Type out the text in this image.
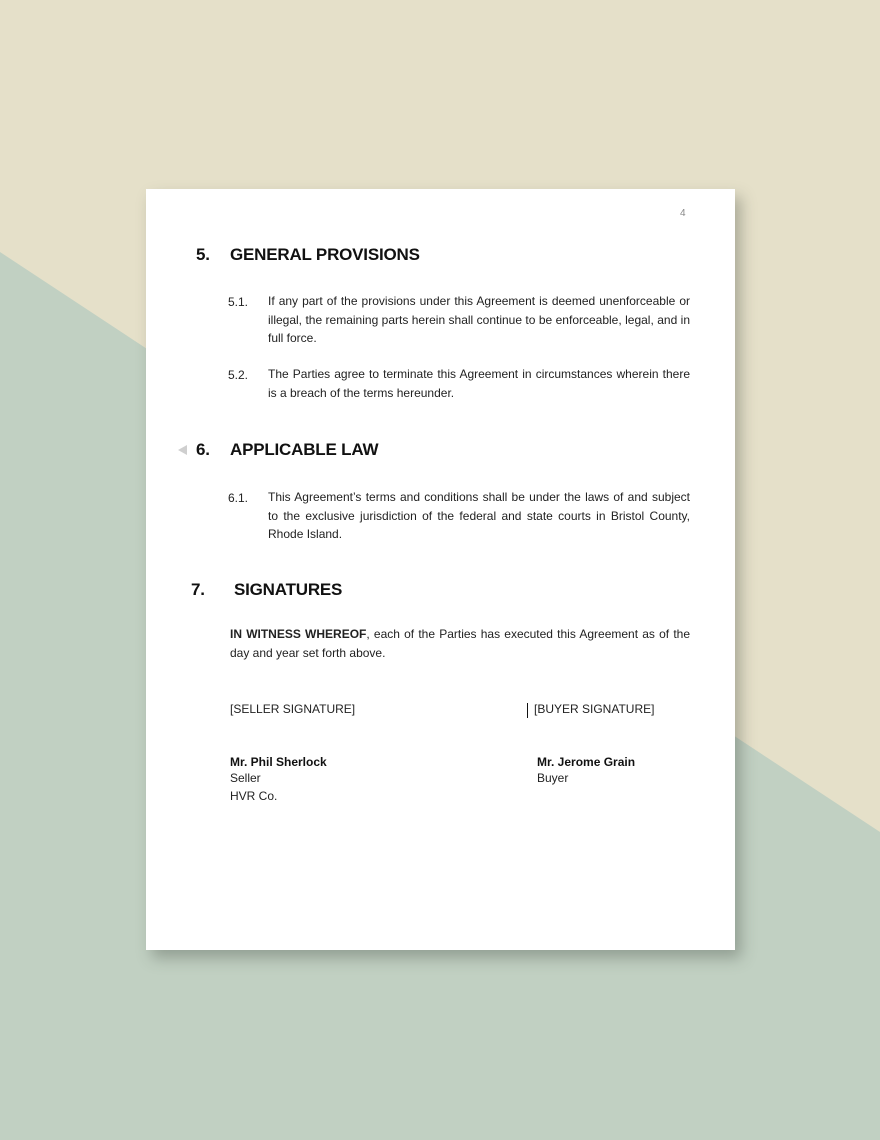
4
5. GENERAL PROVISIONS
5.1. If any part of the provisions under this Agreement is deemed unenforceable or illegal, the remaining parts herein shall continue to be enforceable, legal, and in full force.
5.2. The Parties agree to terminate this Agreement in circumstances wherein there is a breach of the terms hereunder.
6. APPLICABLE LAW
6.1. This Agreement’s terms and conditions shall be under the laws of and subject to the exclusive jurisdiction of the federal and state courts in Bristol County, Rhode Island.
7. SIGNATURES
IN WITNESS WHEREOF, each of the Parties has executed this Agreement as of the day and year set forth above.
[SELLER SIGNATURE]	[BUYER SIGNATURE]
Mr. Phil Sherlock
Seller
HVR Co.
Mr. Jerome Grain
Buyer
